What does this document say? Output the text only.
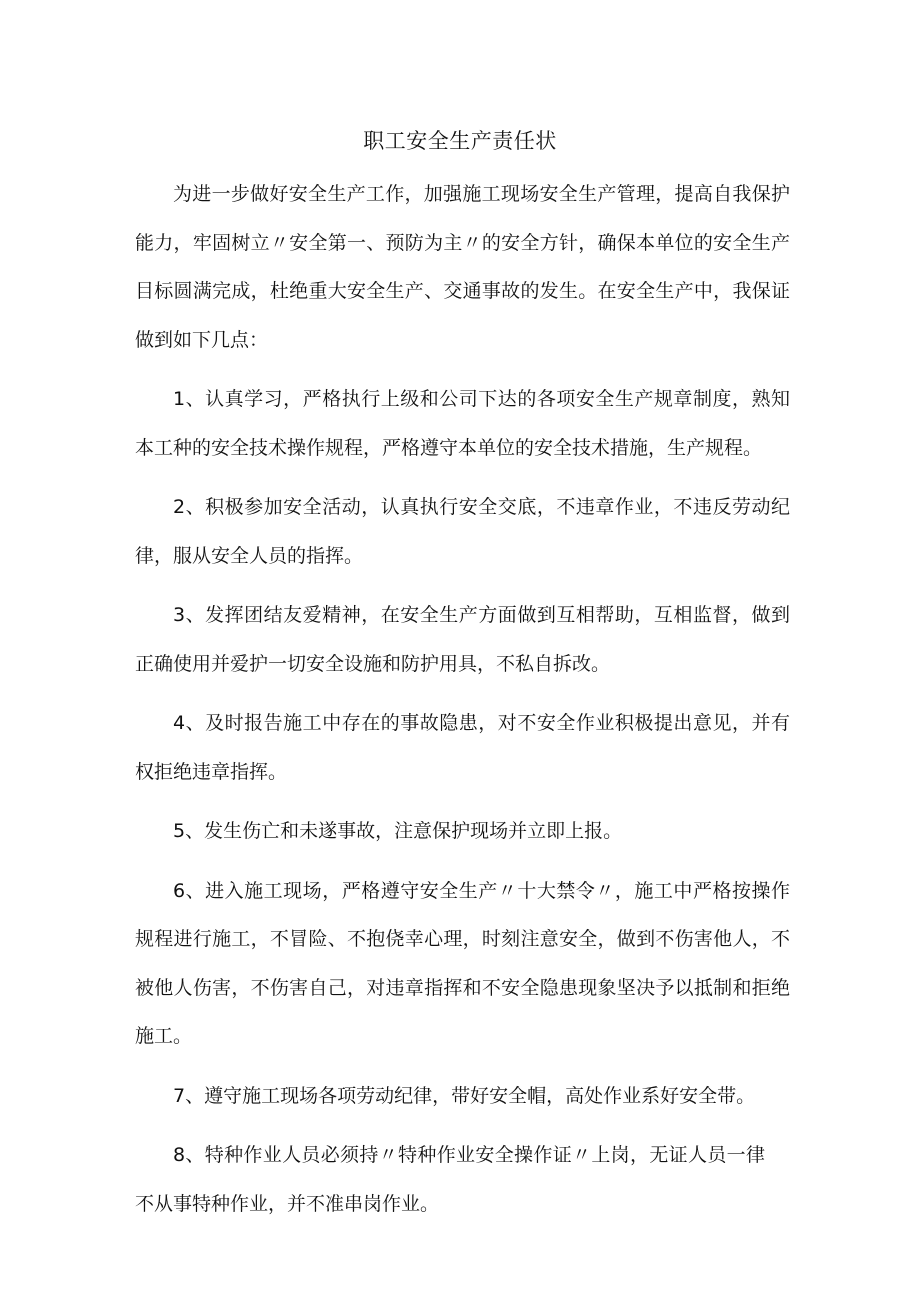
职工安全生产责任状

为进一步做好安全生产工作，加强施工现场安全生产管理，提高自我保护能力，牢固树立〃安全第一、预防为主〃的安全方针，确保本单位的安全生产目标圆满完成，杜绝重大安全生产、交通事故的发生。在安全生产中，我保证做到如下几点：

1、认真学习，严格执行上级和公司下达的各项安全生产规章制度，熟知本工种的安全技术操作规程，严格遵守本单位的安全技术措施，生产规程。

2、积极参加安全活动，认真执行安全交底，不违章作业，不违反劳动纪律，服从安全人员的指挥。

3、发挥团结友爱精神，在安全生产方面做到互相帮助，互相监督，做到正确使用并爱护一切安全设施和防护用具，不私自拆改。

4、及时报告施工中存在的事故隐患，对不安全作业积极提出意见，并有权拒绝违章指挥。

5、发生伤亡和未遂事故，注意保护现场并立即上报。

6、进入施工现场，严格遵守安全生产〃十大禁令〃，施工中严格按操作规程进行施工，不冒险、不抱侥幸心理，时刻注意安全，做到不伤害他人，不被他人伤害，不伤害自己，对违章指挥和不安全隐患现象坚决予以抵制和拒绝施工。

7、遵守施工现场各项劳动纪律，带好安全帽，高处作业系好安全带。

8、特种作业人员必须持〃特种作业安全操作证〃上岗，无证人员一律不从事特种作业，并不准串岗作业。
